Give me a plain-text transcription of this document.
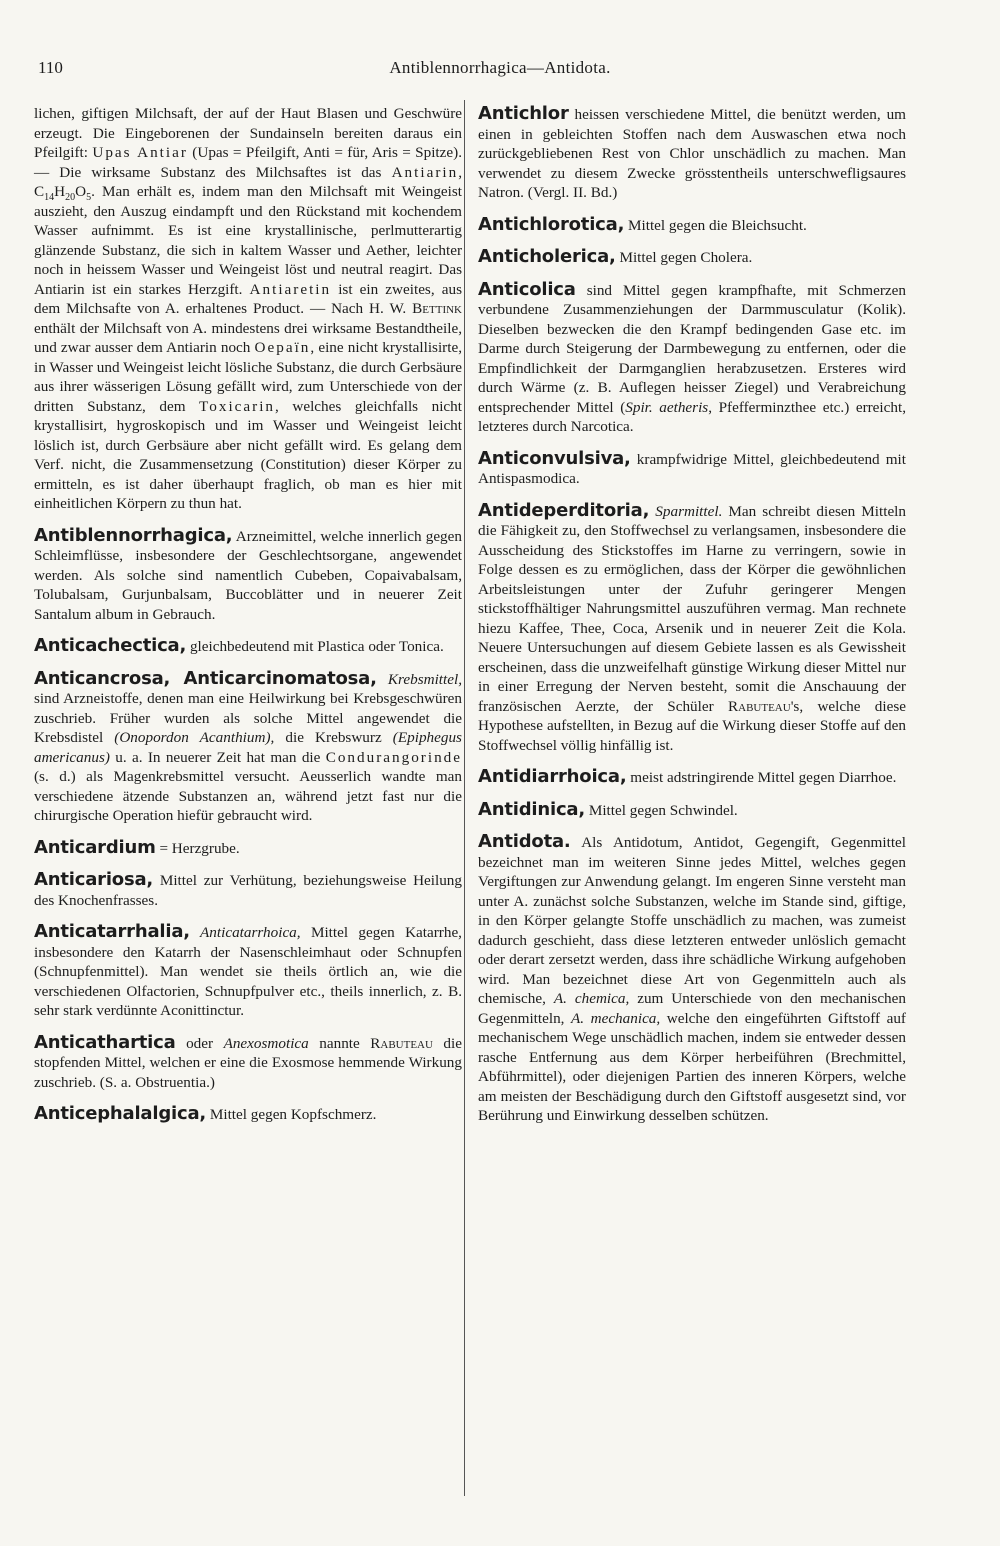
110	Antiblennorrhagica—Antidota.

lichen, giftigen Milchsaft, der auf der Haut Blasen und Geschwüre erzeugt. Die Eingeborenen der Sundainseln bereiten daraus ein Pfeilgift: Upas Antiar (Upas = Pfeilgift, Anti = für, Aris = Spitze). — Die wirksame Substanz des Milchsaftes ist das Antiarin, $C_{14}H_{20}O_5$. Man erhält es, indem man den Milchsaft mit Weingeist auszieht, den Auszug eindampft und den Rückstand mit kochendem Wasser aufnimmt. Es ist eine krystallinische, perlmutterartig glänzende Substanz, die sich in kaltem Wasser und Aether, leichter noch in heissem Wasser und Weingeist löst und neutral reagirt. Das Antiarin ist ein starkes Herzgift. Antiaretin ist ein zweites, aus dem Milchsafte von A. erhaltenes Product. — Nach H. W. Bettink enthält der Milchsaft von A. mindestens drei wirksame Bestandtheile, und zwar ausser dem Antiarin noch Oepaïn, eine nicht krystallisirte, in Wasser und Weingeist leicht lösliche Substanz, die durch Gerbsäure aus ihrer wässerigen Lösung gefällt wird, zum Unterschiede von der dritten Substanz, dem Toxicarin, welches gleichfalls nicht krystallisirt, hygroskopisch und im Wasser und Weingeist leicht löslich ist, durch Gerbsäure aber nicht gefällt wird. Es gelang dem Verf. nicht, die Zusammensetzung (Constitution) dieser Körper zu ermitteln, es ist daher überhaupt fraglich, ob man es hier mit einheitlichen Körpern zu thun hat.

Antiblennorrhagica, Arzneimittel, welche innerlich gegen Schleimflüsse, insbesondere der Geschlechtsorgane, angewendet werden. Als solche sind namentlich Cubeben, Copaivabalsam, Tolubalsam, Gurjunbalsam, Buccoblätter und in neuerer Zeit Santalum album in Gebrauch.

Anticachectica, gleichbedeutend mit Plastica oder Tonica.

Anticancrosa, Anticarcinomatosa, Krebsmittel, sind Arzneistoffe, denen man eine Heilwirkung bei Krebsgeschwüren zuschrieb. Früher wurden als solche Mittel angewendet die Krebsdistel (Onopordon Acanthium), die Krebswurz (Epiphegus americanus) u. a. In neuerer Zeit hat man die Condurangorinde (s. d.) als Magenkrebsmittel versucht. Aeusserlich wandte man verschiedene ätzende Substanzen an, während jetzt fast nur die chirurgische Operation hiefür gebraucht wird.

Anticardium = Herzgrube.

Anticariosa, Mittel zur Verhütung, beziehungsweise Heilung des Knochenfrasses.

Anticatarrhalia, Anticatarrhoica, Mittel gegen Katarrhe, insbesondere den Katarrh der Nasenschleimhaut oder Schnupfen (Schnupfenmittel). Man wendet sie theils örtlich an, wie die verschiedenen Olfactorien, Schnupfpulver etc., theils innerlich, z. B. sehr stark verdünnte Aconittinctur.

Anticathartica oder Anexosmotica nannte Rabuteau die stopfenden Mittel, welchen er eine die Exosmose hemmende Wirkung zuschrieb. (S. a. Obstruentia.)

Anticephalalgica, Mittel gegen Kopfschmerz.

Antichlor heissen verschiedene Mittel, die benützt werden, um einen in gebleichten Stoffen nach dem Auswaschen etwa noch zurückgebliebenen Rest von Chlor unschädlich zu machen. Man verwendet zu diesem Zwecke grösstentheils unterschwefligsaures Natron. (Vergl. II. Bd.)

Antichlorotica, Mittel gegen die Bleichsucht.

Anticholerica, Mittel gegen Cholera.

Anticolica sind Mittel gegen krampfhafte, mit Schmerzen verbundene Zusammenziehungen der Darmmusculatur (Kolik). Dieselben bezwecken die den Krampf bedingenden Gase etc. im Darme durch Steigerung der Darmbewegung zu entfernen, oder die Empfindlichkeit der Darmganglien herabzusetzen. Ersteres wird durch Wärme (z. B. Auflegen heisser Ziegel) und Verabreichung entsprechender Mittel (Spir. aetheris, Pfefferminzthee etc.) erreicht, letzteres durch Narcotica.

Anticonvulsiva, krampfwidrige Mittel, gleichbedeutend mit Antispasmodica.

Antideperditoria, Sparmittel. Man schreibt diesen Mitteln die Fähigkeit zu, den Stoffwechsel zu verlangsamen, insbesondere die Ausscheidung des Stickstoffes im Harne zu verringern, sowie in Folge dessen es zu ermöglichen, dass der Körper die gewöhnlichen Arbeitsleistungen unter der Zufuhr geringerer Mengen stickstoffhältiger Nahrungsmittel auszuführen vermag. Man rechnete hiezu Kaffee, Thee, Coca, Arsenik und in neuerer Zeit die Kola. Neuere Untersuchungen auf diesem Gebiete lassen es als Gewissheit erscheinen, dass die unzweifelhaft günstige Wirkung dieser Mittel nur in einer Erregung der Nerven besteht, somit die Anschauung der französischen Aerzte, der Schüler Rabuteau's, welche diese Hypothese aufstellten, in Bezug auf die Wirkung dieser Stoffe auf den Stoffwechsel völlig hinfällig ist.

Antidiarrhoica, meist adstringirende Mittel gegen Diarrhoe.

Antidinica, Mittel gegen Schwindel.

Antidota. Als Antidotum, Antidot, Gegengift, Gegenmittel bezeichnet man im weiteren Sinne jedes Mittel, welches gegen Vergiftungen zur Anwendung gelangt. Im engeren Sinne versteht man unter A. zunächst solche Substanzen, welche im Stande sind, giftige, in den Körper gelangte Stoffe unschädlich zu machen, was zumeist dadurch geschieht, dass diese letzteren entweder unlöslich gemacht oder derart zersetzt werden, dass ihre schädliche Wirkung aufgehoben wird. Man bezeichnet diese Art von Gegenmitteln auch als chemische, A. chemica, zum Unterschiede von den mechanischen Gegenmitteln, A. mechanica, welche den eingeführten Giftstoff auf mechanischem Wege unschädlich machen, indem sie entweder dessen rasche Entfernung aus dem Körper herbeiführen (Brechmittel, Abführmittel), oder diejenigen Partien des inneren Körpers, welche am meisten der Beschädigung durch den Giftstoff ausgesetzt sind, vor Berührung und Einwirkung desselben schützen.
